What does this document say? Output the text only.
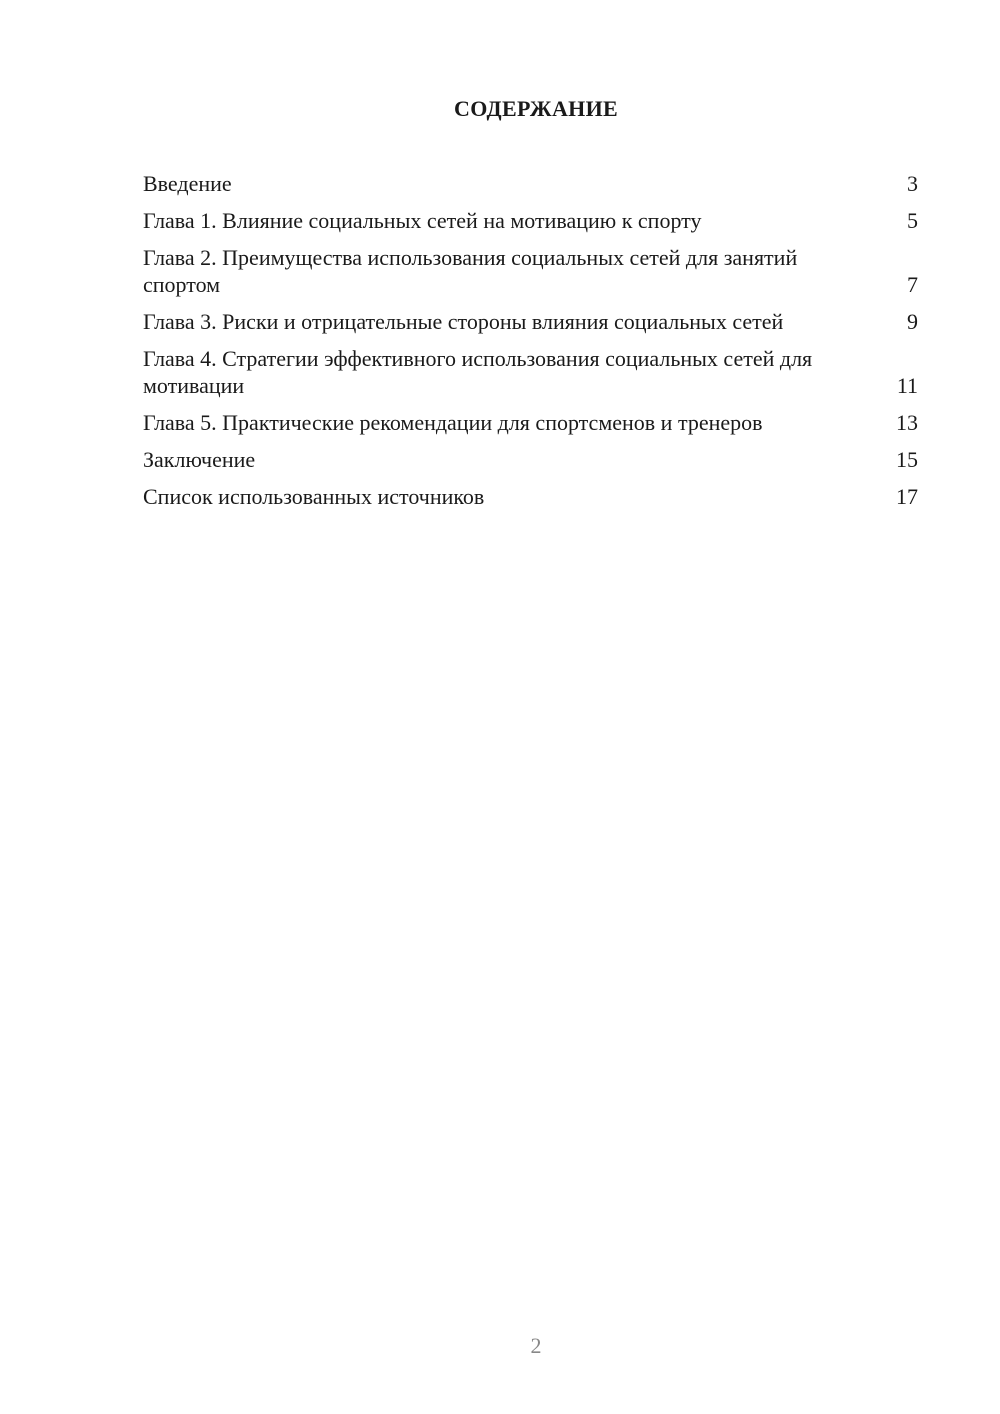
СОДЕРЖАНИЕ
Введение	3
Глава 1. Влияние социальных сетей на мотивацию к спорту	5
Глава 2. Преимущества использования социальных сетей для занятий спортом	7
Глава 3. Риски и отрицательные стороны влияния социальных сетей	9
Глава 4. Стратегии эффективного использования социальных сетей для мотивации	11
Глава 5. Практические рекомендации для спортсменов и тренеров	13
Заключение	15
Список использованных источников	17
2
